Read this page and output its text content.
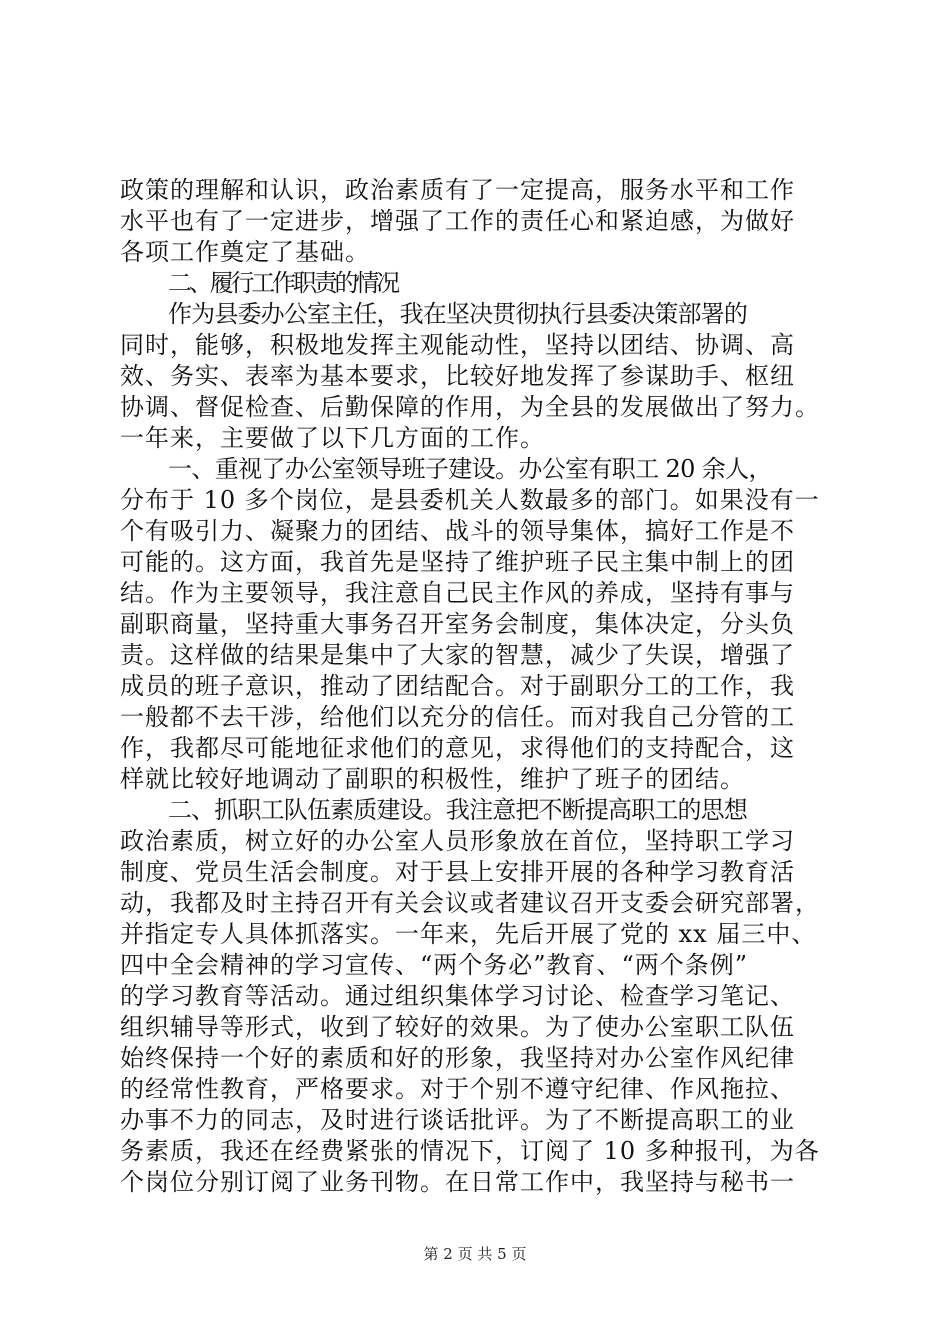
政策的理解和认识，政治素质有了一定提高，服务水平和工作
水平也有了一定进步，增强了工作的责任心和紧迫感，为做好
各项工作奠定了基础。
二、履行工作职责的情况
作为县委办公室主任，我在坚决贯彻执行县委决策部署的
同时，能够，积极地发挥主观能动性，坚持以团结、协调、高
效、务实、表率为基本要求，比较好地发挥了参谋助手、枢纽
协调、督促检查、后勤保障的作用，为全县的发展做出了努力。
一年来，主要做了以下几方面的工作。
一、重视了办公室领导班子建设。办公室有职工 20 余人，
分布于 10 多个岗位，是县委机关人数最多的部门。如果没有一
个有吸引力、凝聚力的团结、战斗的领导集体，搞好工作是不
可能的。这方面，我首先是坚持了维护班子民主集中制上的团
结。作为主要领导，我注意自己民主作风的养成，坚持有事与
副职商量，坚持重大事务召开室务会制度，集体决定，分头负
责。这样做的结果是集中了大家的智慧，减少了失误，增强了
成员的班子意识，推动了团结配合。对于副职分工的工作，我
一般都不去干涉，给他们以充分的信任。而对我自己分管的工
作，我都尽可能地征求他们的意见，求得他们的支持配合，这
样就比较好地调动了副职的积极性，维护了班子的团结。
二、抓职工队伍素质建设。我注意把不断提高职工的思想
政治素质，树立好的办公室人员形象放在首位，坚持职工学习
制度、党员生活会制度。对于县上安排开展的各种学习教育活
动，我都及时主持召开有关会议或者建议召开支委会研究部署，
并指定专人具体抓落实。一年来，先后开展了党的 xx 届三中、
四中全会精神的学习宣传、“两个务必”教育、“两个条例”
的学习教育等活动。通过组织集体学习讨论、检查学习笔记、
组织辅导等形式，收到了较好的效果。为了使办公室职工队伍
始终保持一个好的素质和好的形象，我坚持对办公室作风纪律
的经常性教育，严格要求。对于个别不遵守纪律、作风拖拉、
办事不力的同志，及时进行谈话批评。为了不断提高职工的业
务素质，我还在经费紧张的情况下，订阅了 10 多种报刊，为各
个岗位分别订阅了业务刊物。在日常工作中，我坚持与秘书一
第 2 页 共 5 页
